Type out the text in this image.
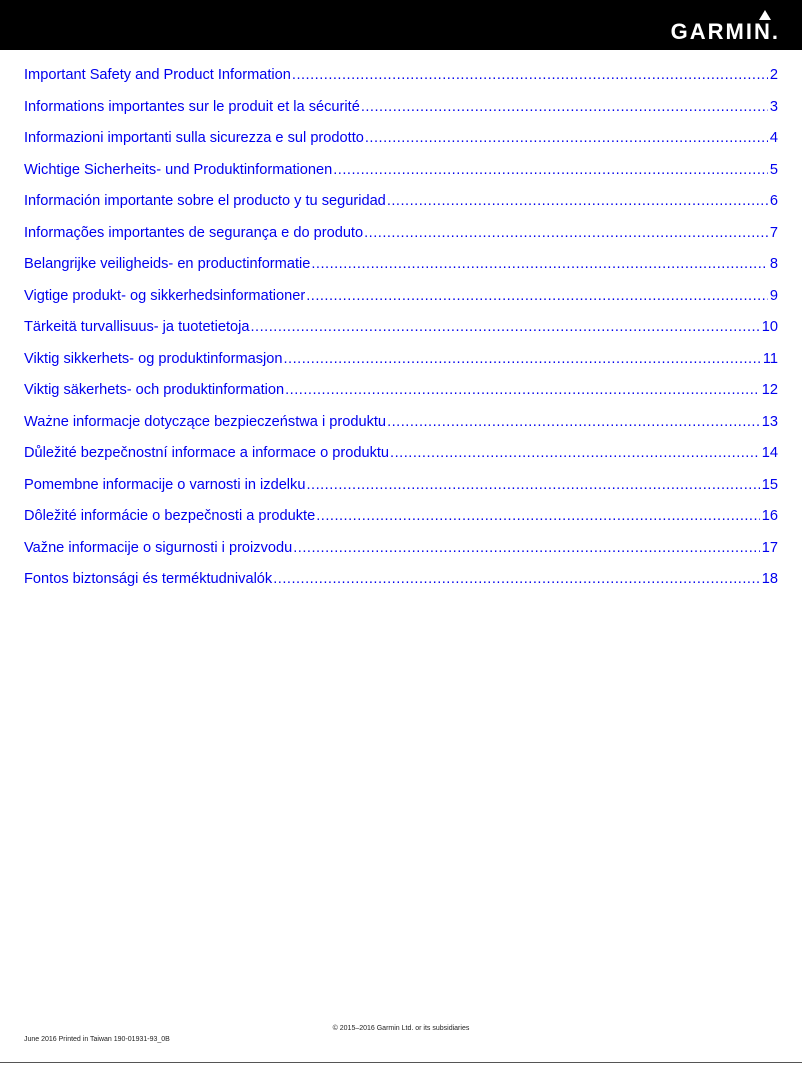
GARMIN.
Important Safety and Product Information .....	2
Informations importantes sur le produit et la sécurité .....	3
Informazioni importanti sulla sicurezza e sul prodotto .....	4
Wichtige Sicherheits- und Produktinformationen .....	5
Información importante sobre el producto y tu seguridad .....	6
Informações importantes de segurança e do produto .....	7
Belangrijke veiligheids- en productinformatie .....	8
Vigtige produkt- og sikkerhedsinformationer .....	9
Tärkeitä turvallisuus- ja tuotetietoja .....	10
Viktig sikkerhets- og produktinformasjon .....	11
Viktig säkerhets- och produktinformation .....	12
Ważne informacje dotyczące bezpieczeństwa i produktu .....	13
Důležité bezpečnostní informace a informace o produktu .....	14
Pomembne informacije o varnosti in izdelku .....	15
Dôležité informácie o bezpečnosti a produkte .....	16
Važne informacije o sigurnosti i proizvodu .....	17
Fontos biztonsági és terméktudnivalók .....	18
© 2015–2016 Garmin Ltd. or its subsidiaries
June 2016 Printed in Taiwan 190-01931-93_0B
